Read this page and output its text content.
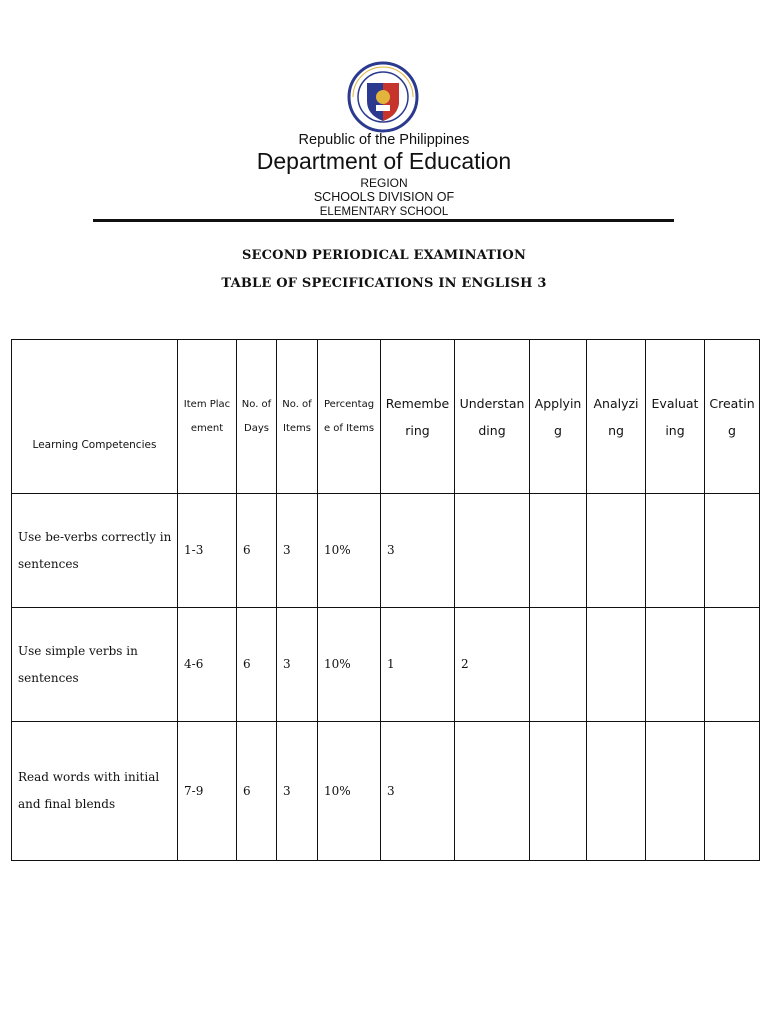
Republic of the Philippines
Department of Education
REGION
SCHOOLS DIVISION OF
ELEMENTARY SCHOOL
SECOND PERIODICAL EXAMINATION
TABLE OF SPECIFICATIONS IN ENGLISH 3
Learning Competencies	Item Placement	No. of Days	No. of Items	Percentage of Items	Remembering	Understanding	Applying	Analyzing	Evaluating	Creating
Use be-verbs correctly in sentences	1-3	6	3	10%	3					
Use simple verbs in sentences	4-6	6	3	10%	1	2				
Read words with initial and final blends	7-9	6	3	10%	3					
